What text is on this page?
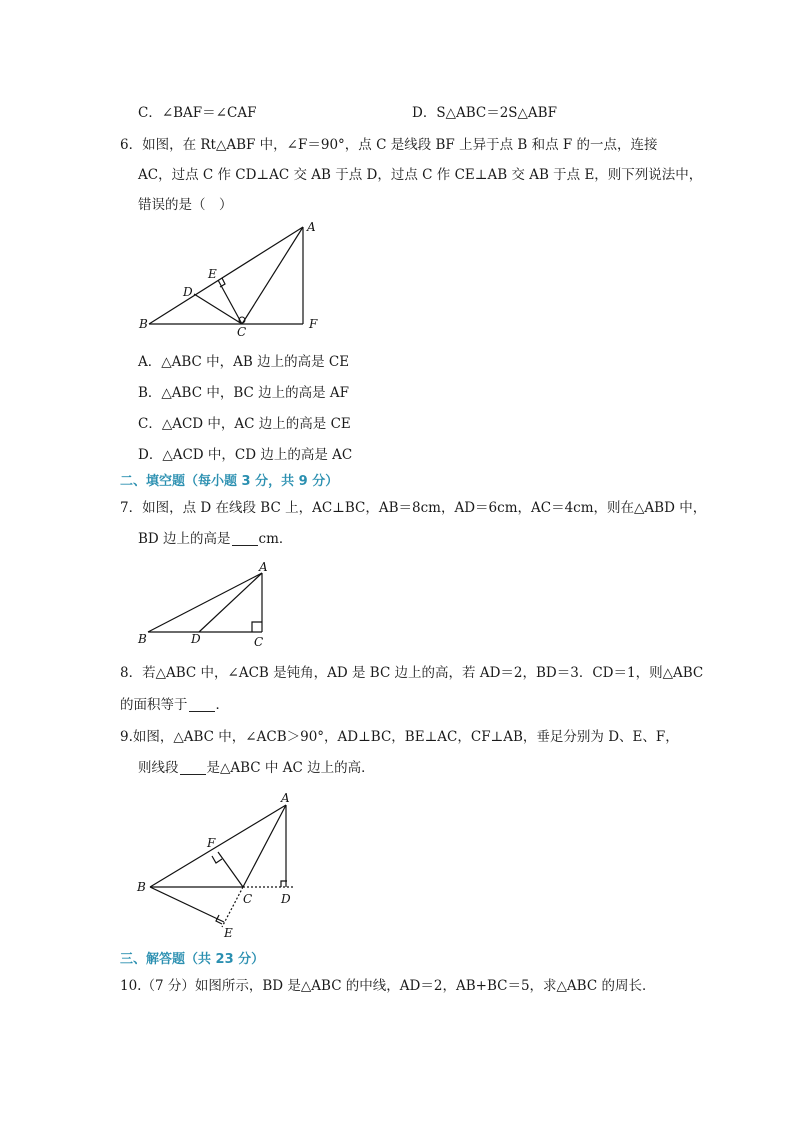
C．∠BAF＝∠CAF	D．S△ABC＝2S△ABF
6．如图，在 Rt△ABF 中，∠F＝90°，点 C 是线段 BF 上异于点 B 和点 F 的一点，连接
AC，过点 C 作 CD⊥AC 交 AB 于点 D，过点 C 作 CE⊥AB 交 AB 于点 E，则下列说法中，
错误的是（　）
A
E
D
B
C
F
A．△ABC 中，AB 边上的高是 CE
B．△ABC 中，BC 边上的高是 AF
C．△ACD 中，AC 边上的高是 CE
D．△ACD 中，CD 边上的高是 AC
二、填空题（每小题 3 分，共 9 分）
7．如图，点 D 在线段 BC 上，AC⊥BC，AB＝8cm，AD＝6cm，AC＝4cm，则在△ABD 中，
BD 边上的高是 cm．
A
B	D	C
8．若△ABC 中，∠ACB 是钝角，AD 是 BC 边上的高，若 AD＝2，BD＝3．CD＝1，则△ABC
的面积等于 ．
9.如图，△ABC 中，∠ACB＞90°，AD⊥BC，BE⊥AC，CF⊥AB，垂足分别为 D、E、F，
则线段 是△ABC 中 AC 边上的高．
A
F
B
C D
E
三、解答题（共 23 分）
10.（7 分）如图所示，BD 是△ABC 的中线，AD＝2，AB+BC＝5，求△ABC 的周长．
